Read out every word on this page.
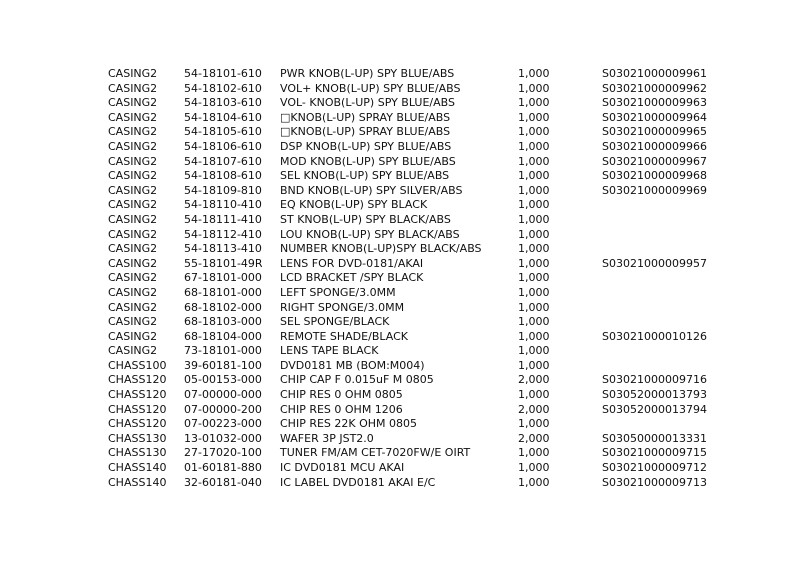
CASING2	54-18101-610	PWR KNOB(L-UP) SPY BLUE/ABS	1,000	S03021000009961
CASING2	54-18102-610	VOL+ KNOB(L-UP) SPY BLUE/ABS	1,000	S03021000009962
CASING2	54-18103-610	VOL- KNOB(L-UP) SPY BLUE/ABS	1,000	S03021000009963
CASING2	54-18104-610	□KNOB(L-UP) SPRAY BLUE/ABS	1,000	S03021000009964
CASING2	54-18105-610	□KNOB(L-UP) SPRAY BLUE/ABS	1,000	S03021000009965
CASING2	54-18106-610	DSP KNOB(L-UP) SPY BLUE/ABS	1,000	S03021000009966
CASING2	54-18107-610	MOD KNOB(L-UP) SPY BLUE/ABS	1,000	S03021000009967
CASING2	54-18108-610	SEL KNOB(L-UP) SPY BLUE/ABS	1,000	S03021000009968
CASING2	54-18109-810	BND KNOB(L-UP) SPY SILVER/ABS	1,000	S03021000009969
CASING2	54-18110-410	EQ KNOB(L-UP) SPY BLACK	1,000	
CASING2	54-18111-410	ST KNOB(L-UP) SPY BLACK/ABS	1,000	
CASING2	54-18112-410	LOU KNOB(L-UP) SPY BLACK/ABS	1,000	
CASING2	54-18113-410	NUMBER KNOB(L-UP)SPY BLACK/ABS	1,000	
CASING2	55-18101-49R	LENS FOR DVD-0181/AKAI	1,000	S03021000009957
CASING2	67-18101-000	LCD BRACKET /SPY BLACK	1,000	
CASING2	68-18101-000	LEFT SPONGE/3.0MM	1,000	
CASING2	68-18102-000	RIGHT SPONGE/3.0MM	1,000	
CASING2	68-18103-000	SEL SPONGE/BLACK	1,000	
CASING2	68-18104-000	REMOTE SHADE/BLACK	1,000	S03021000010126
CASING2	73-18101-000	LENS TAPE BLACK	1,000	
CHASS100	39-60181-100	DVD0181 MB (BOM:M004)	1,000	
CHASS120	05-00153-000	CHIP CAP F 0.015uF M 0805	2,000	S03021000009716
CHASS120	07-00000-000	CHIP RES 0 OHM 0805	1,000	S03052000013793
CHASS120	07-00000-200	CHIP RES 0 OHM 1206	2,000	S03052000013794
CHASS120	07-00223-000	CHIP RES 22K OHM 0805	1,000	
CHASS130	13-01032-000	WAFER 3P JST2.0	2,000	S03050000013331
CHASS130	27-17020-100	TUNER FM/AM CET-7020FW/E OIRT	1,000	S03021000009715
CHASS140	01-60181-880	IC DVD0181 MCU AKAI	1,000	S03021000009712
CHASS140	32-60181-040	IC LABEL DVD0181 AKAI E/C	1,000	S03021000009713
